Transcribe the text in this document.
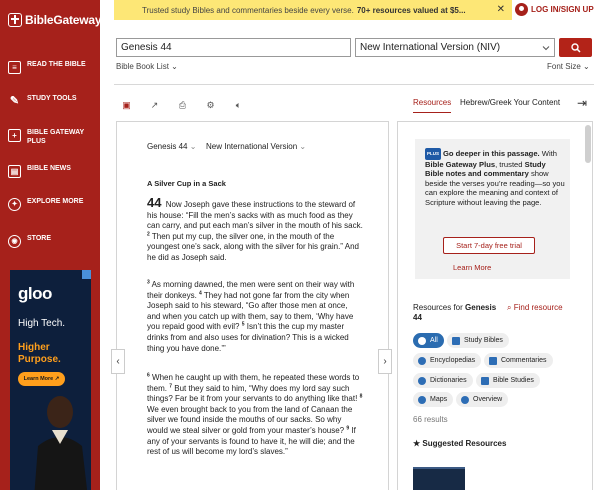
BibleGateway
≡	READ THE BIBLE
✎ STUDY TOOLS
+	BIBLE GATEWAY PLUS
▤	BIBLE NEWS
✦	EXPLORE MORE
◉	STORE
gloo
High Tech.
Higher Purpose.
Learn More ↗
Trusted study Bibles and commentaries beside every verse. 70+ resources valued at $5...	✕	LOG IN/SIGN UP
Genesis 44
New International Version (NIV)
Bible Book List ⌄	Font Size ⌄
▣ ↗ ⎙ ⚙	🔈︎	Resources Hebrew/Greek Your Content ⇥
Genesis 44 ⌄ New International Version ⌄
A Silver Cup in a Sack
44 Now Joseph gave these instructions to the steward of his house: “Fill the men’s sacks with as much food as they can carry, and put each man’s silver in the mouth of his sack. $^2$ Then put my cup, the silver one, in the mouth of the youngest one’s sack, along with the silver for his grain.” And he did as Joseph said.
$^3$ As morning dawned, the men were sent on their way with their donkeys. $^4$ They had not gone far from the city when Joseph said to his steward, “Go after those men at once, and when you catch up with them, say to them, ‘Why have you repaid good with evil? $^5$ Isn’t this the cup my master drinks from and also uses for divination? This is a wicked thing you have done.’”
$^6$ When he caught up with them, he repeated these words to them. $^7$ But they said to him, “Why does my lord say such things? Far be it from your servants to do anything like that! $^8$ We even brought back to you from the land of Canaan the silver we found inside the mouths of our sacks. So why would we steal silver or gold from your master’s house? $^9$ If any of your servants is found to have it, he will die; and the rest of us will become my lord’s slaves.”
‹	›
PLUS Go deeper in this passage. With Bible Gateway Plus, trusted Study Bible notes and commentary show beside the verses you’re reading—so you can explore the meaning and context of Scripture without leaving the page.
Start 7-day free trial
Learn More
Resources for Genesis 44
⌕ Find resource
All	Study Bibles
Encyclopedias	Commentaries
Dictionaries	Bible Studies
Maps	Overview
66 results
★ Suggested Resources
